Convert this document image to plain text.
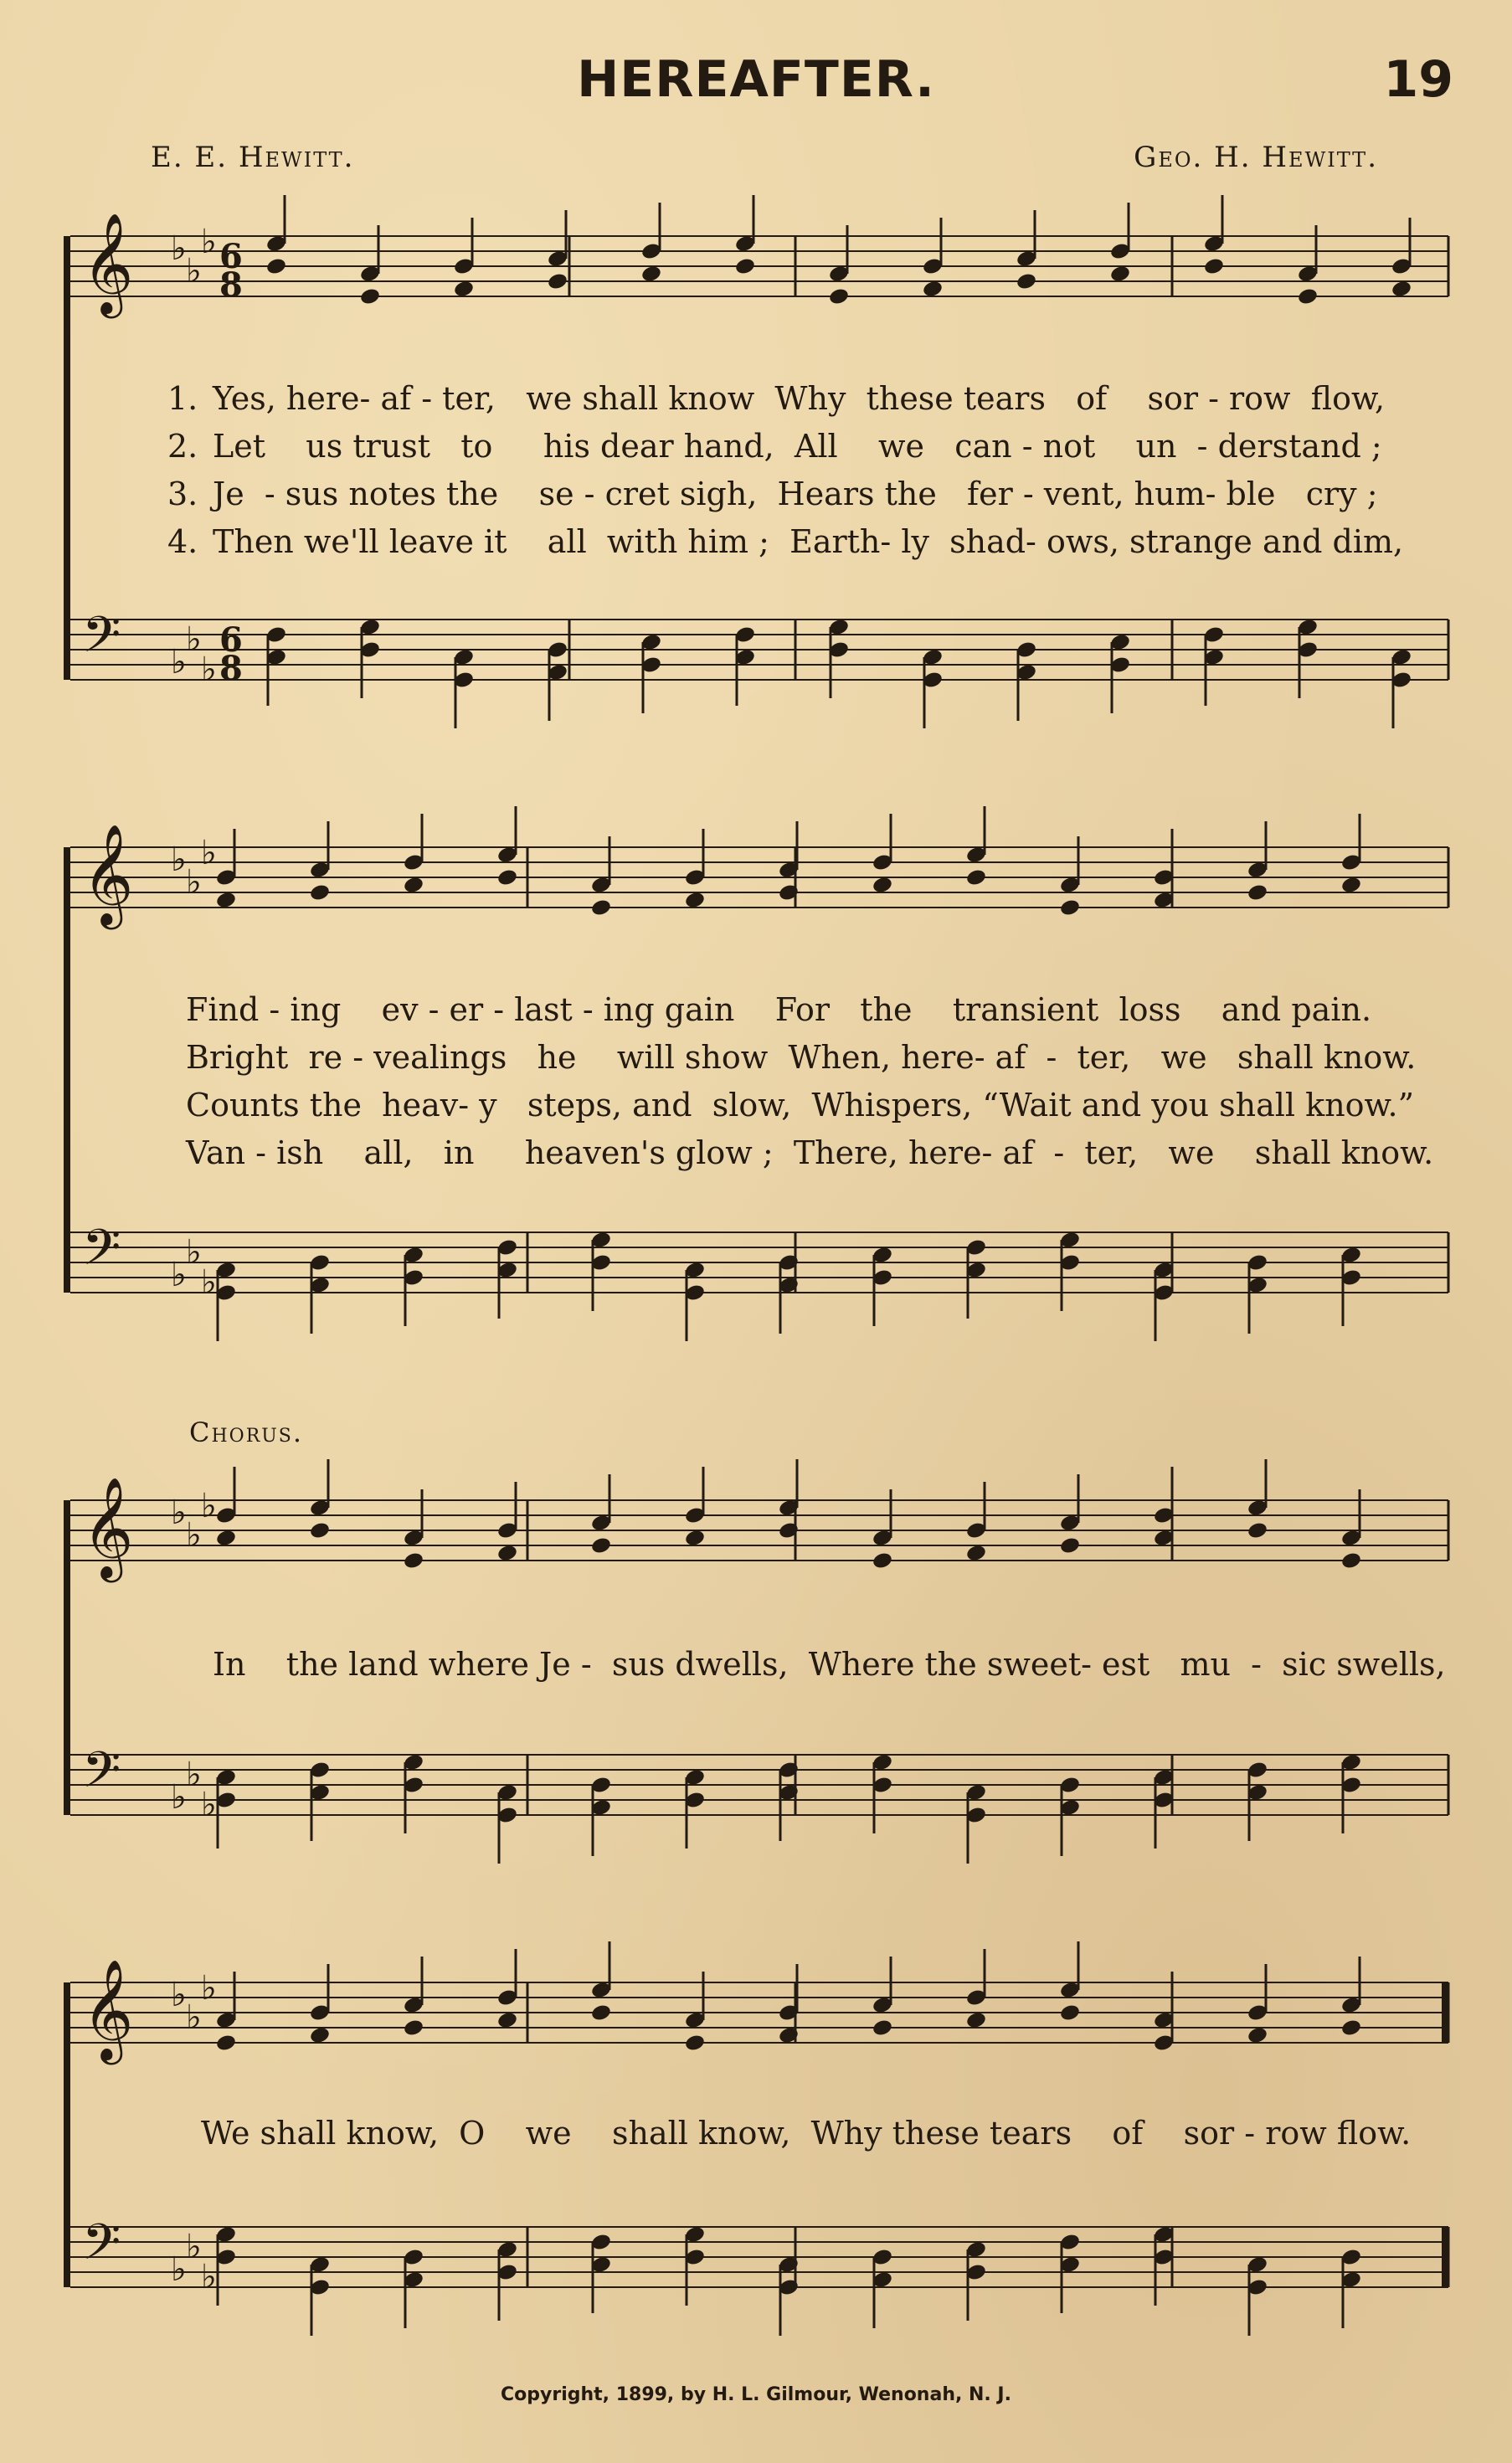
HEREAFTER.	19
E. E. Hewitt.	Geo. H. Hewitt.
𝄞 ♭
♭
♭ 6
8
𝄢 ♭
♭
♭
6
8
𝄞 ♭
♭
♭
𝄢 ♭
♭
♭
𝄞 ♭
♭
♭
𝄢 ♭
♭
♭
𝄞 ♭
♭
♭
𝄢 ♭
♭
♭
1. Yes, here- af - ter,   we shall know  Why  these tears   of    sor - row  flow,
2. Let    us trust   to     his dear hand,  All    we   can - not    un  - derstand ;
3. Je  - sus notes the    se - cret sigh,  Hears the   fer - vent, hum- ble   cry ;
4. Then we'll leave it    all  with him ;  Earth- ly  shad- ows, strange and dim,
Find - ing    ev - er - last - ing gain    For   the    transient  loss    and pain.
Bright  re - vealings   he    will show  When, here- af  -  ter,   we   shall know.
Counts the  heav- y   steps, and  slow,  Whispers, “Wait and you shall know.”
Van - ish    all,   in     heaven's glow ;  There, here- af  -  ter,   we    shall know.
Chorus.
In    the land where Je -  sus dwells,  Where the sweet- est   mu  -  sic swells,
We shall know,  O    we    shall know,  Why these tears    of    sor - row flow.
Copyright, 1899, by H. L. Gilmour, Wenonah, N. J.
